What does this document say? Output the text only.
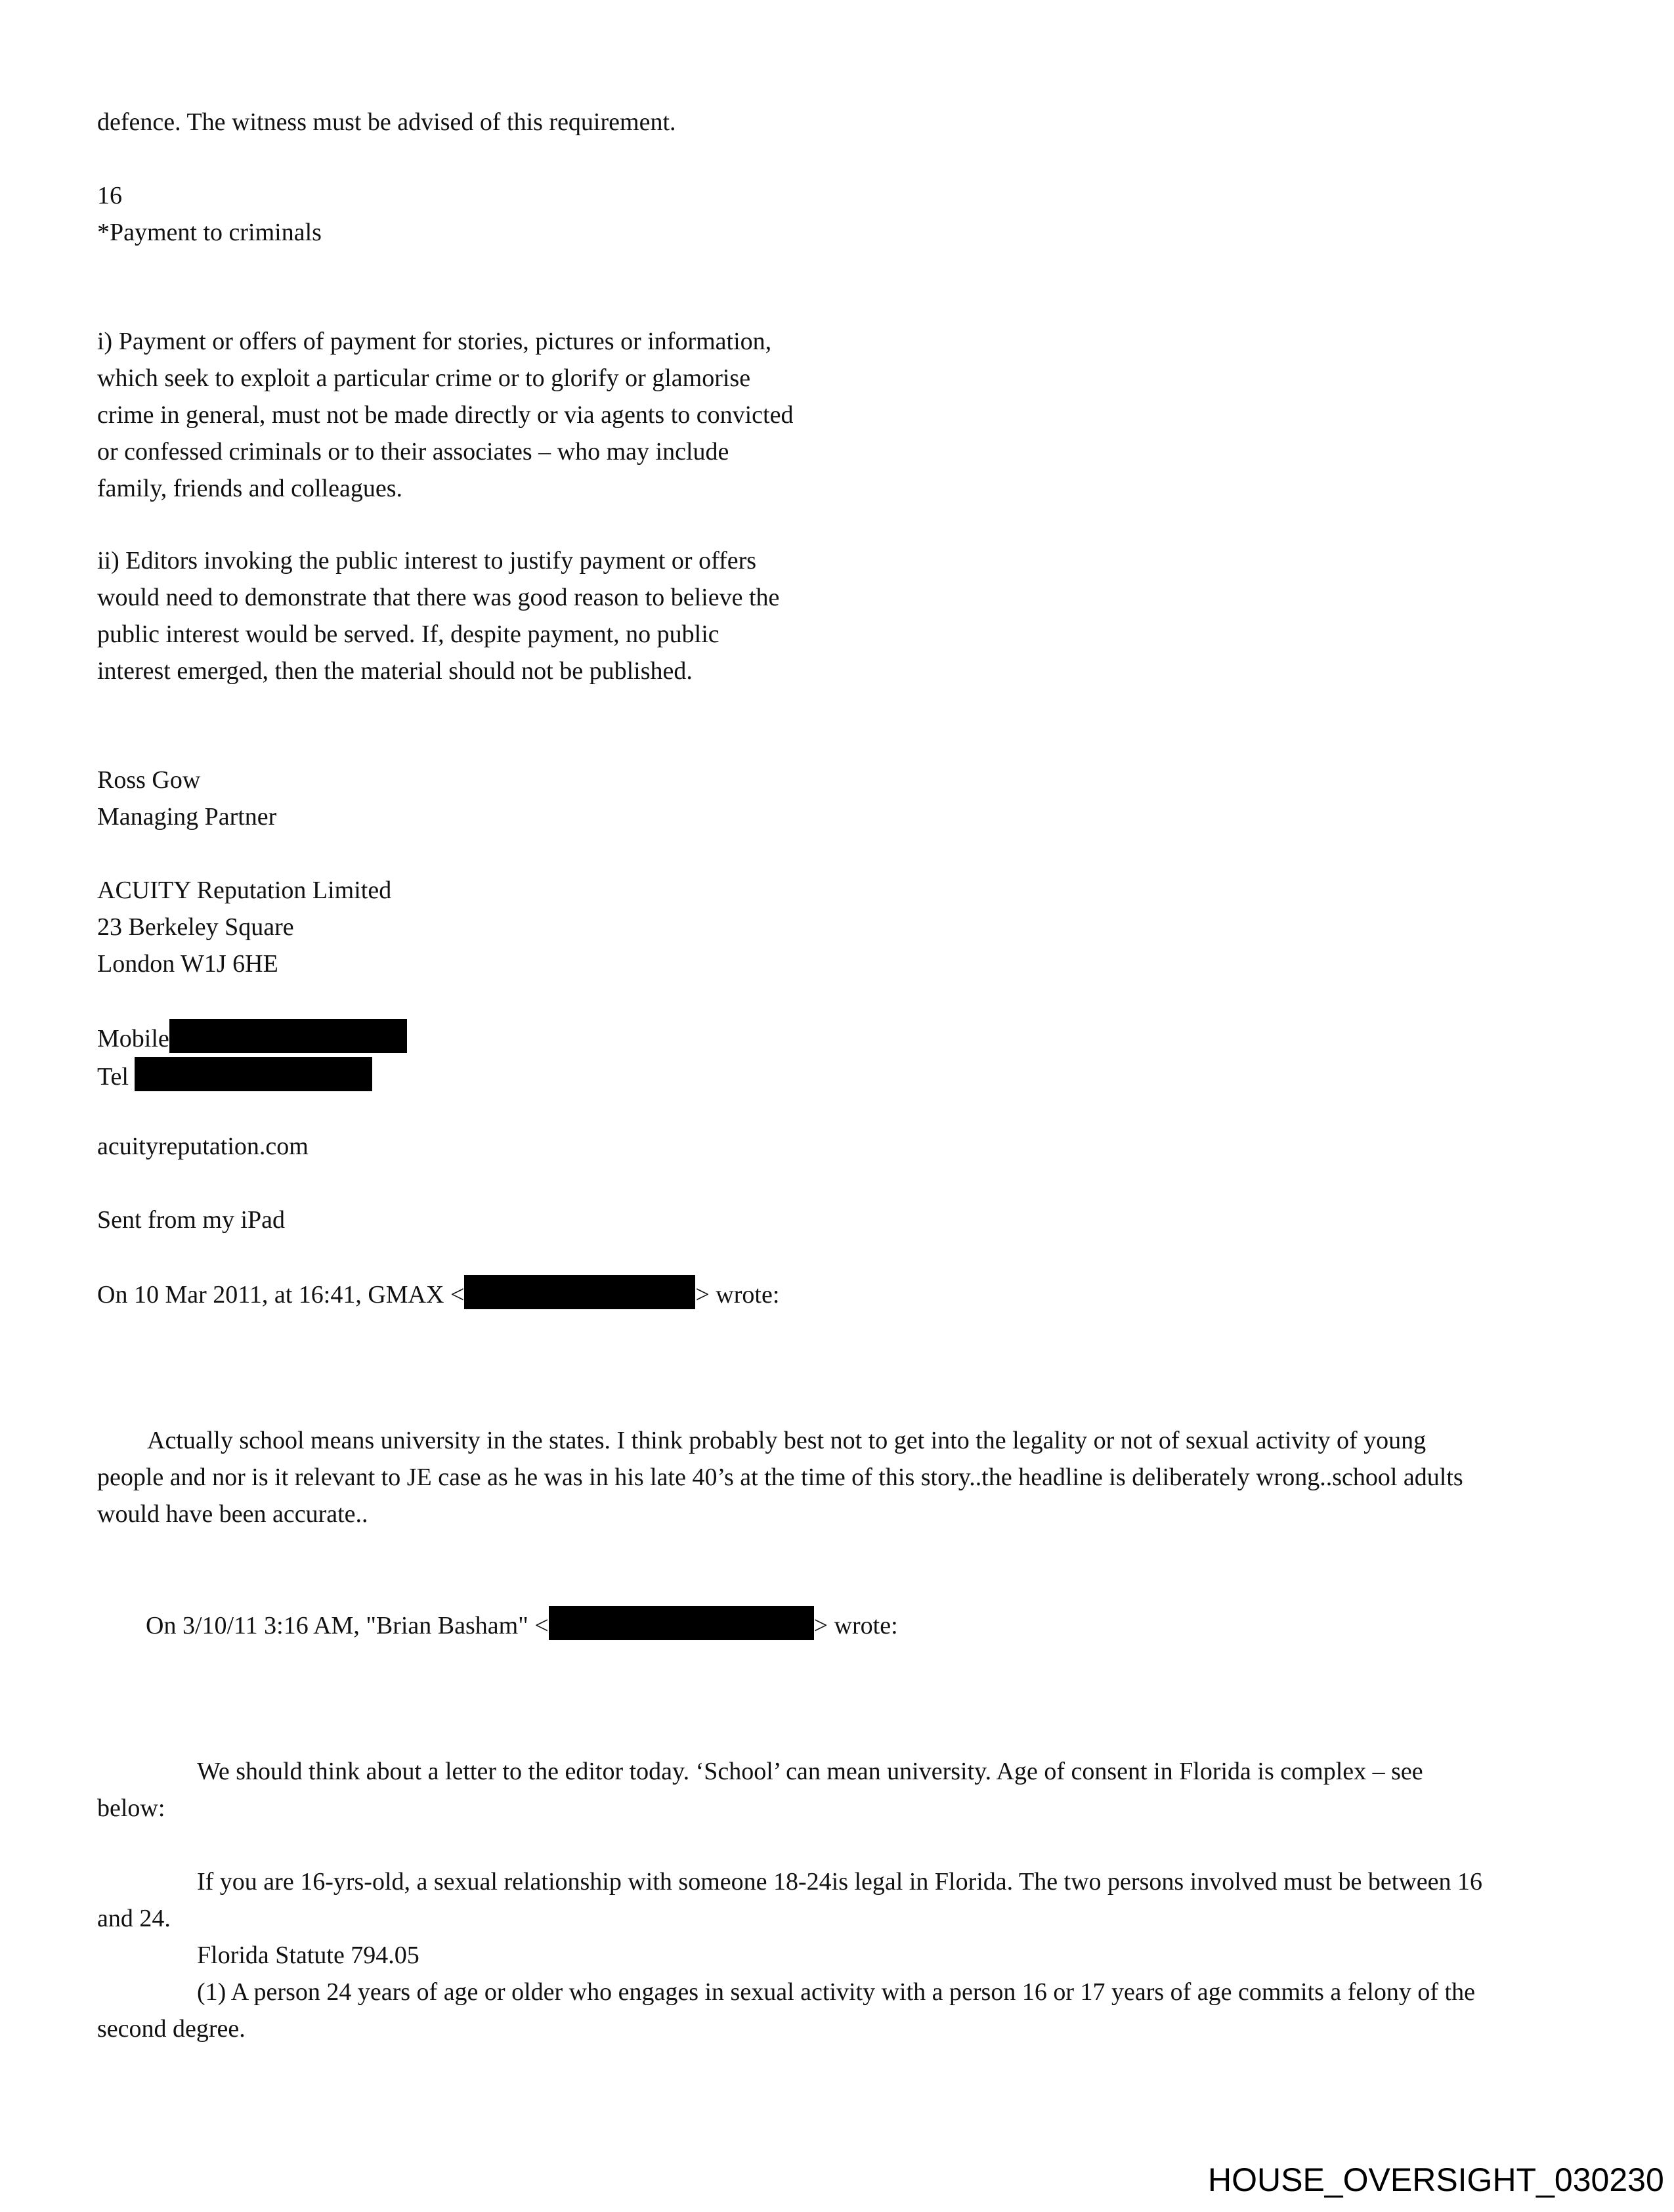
defence. The witness must be advised of this requirement.

16
*Payment to criminals

i) Payment or offers of payment for stories, pictures or information,
which seek to exploit a particular crime or to glorify or glamorise
crime in general, must not be made directly or via agents to convicted
or confessed criminals or to their associates – who may include
family, friends and colleagues.

ii) Editors invoking the public interest to justify payment or offers
would need to demonstrate that there was good reason to believe the
public interest would be served. If, despite payment, no public
interest emerged, then the material should not be published.

Ross Gow
Managing Partner

ACUITY Reputation Limited
23 Berkeley Square
London W1J 6HE

Mobile
Tel

acuityreputation.com

Sent from my iPad

On 10 Mar 2011, at 16:41, GMAX <	> wrote:

Actually school means university in the states. I think probably best not to get into the legality or not of sexual activity of young
people and nor is it relevant to JE case as he was in his late 40’s at the time of this story..the headline is deliberately wrong..school adults
would have been accurate..

On 3/10/11 3:16 AM, "Brian Basham" <	> wrote:

We should think about a letter to the editor today. ‘School’ can mean university. Age of consent in Florida is complex – see
below:

If you are 16-yrs-old, a sexual relationship with someone 18-24is legal in Florida. The two persons involved must be between 16
and 24.
Florida Statute 794.05
(1) A person 24 years of age or older who engages in sexual activity with a person 16 or 17 years of age commits a felony of the
second degree.

HOUSE_OVERSIGHT_030230
